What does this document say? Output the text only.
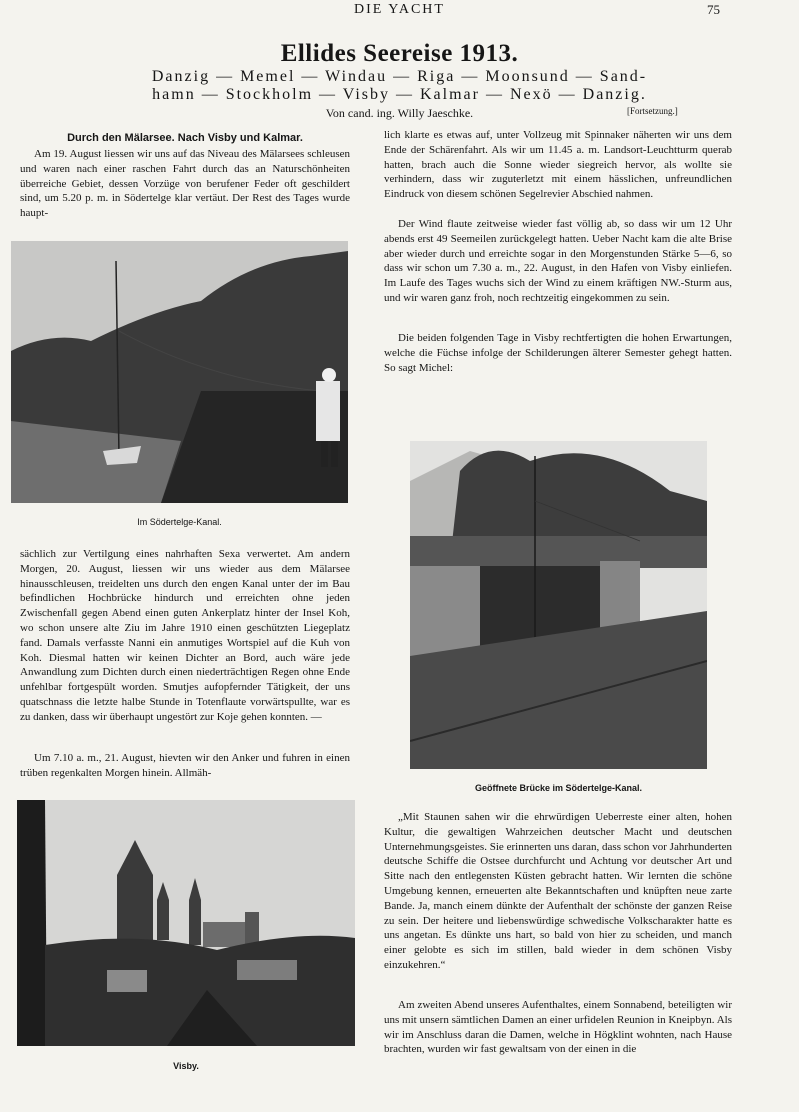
DIE YACHT	75
Ellides Seereise 1913.
Danzig — Memel — Windau — Riga — Moonsund — Sand-
hamn — Stockholm — Visby — Kalmar — Nexö — Danzig.
Von cand. ing. Willy Jaeschke.	[Fortsetzung.]
Durch den Mälarsee. Nach Visby und Kalmar.
Am 19. August liessen wir uns auf das Niveau des Mälarsees schleusen und waren nach einer raschen Fahrt durch das an Naturschönheiten überreiche Gebiet, dessen Vorzüge von berufener Feder oft geschildert sind, um 5.20 p. m. in Södertelge klar vertäut. Der Rest des Tages wurde haupt-
Im Södertelge-Kanal.
sächlich zur Vertilgung eines nahrhaften Sexa verwertet. Am andern Morgen, 20. August, liessen wir uns wieder aus dem Mälarsee hinausschleusen, treidelten uns durch den engen Kanal unter der im Bau befindlichen Hochbrücke hindurch und erreichten ohne jeden Zwischenfall gegen Abend einen guten Ankerplatz hinter der Insel Koh, wo schon unsere alte Ziu im Jahre 1910 einen geschützten Liegeplatz fand. Damals verfasste Nanni ein anmutiges Wortspiel auf die Kuh von Koh. Diesmal hatten wir keinen Dichter an Bord, auch wäre jede Anwandlung zum Dichten durch einen niederträchtigen Regen ohne Ende unfehlbar fortgespült worden. Smutjes aufopfernder Tätigkeit, der uns quatschnass die letzte halbe Stunde in Totenflaute vorwärtspullte, war es zu danken, dass wir überhaupt ungestört zur Koje gehen konnten. —
Um 7.10 a. m., 21. August, hievten wir den Anker und fuhren in einen trüben regenkalten Morgen hinein. Allmäh-
Visby.
lich klarte es etwas auf, unter Vollzeug mit Spinnaker näherten wir uns dem Ende der Schärenfahrt. Als wir um 11.45 a. m. Landsort-Leuchtturm querab hatten, brach auch die Sonne wieder siegreich hervor, als wollte sie verhindern, dass wir zuguterletzt mit einem hässlichen, unfreundlichen Eindruck von diesem schönen Segelrevier Abschied nahmen.
Der Wind flaute zeitweise wieder fast völlig ab, so dass wir um 12 Uhr abends erst 49 Seemeilen zurückgelegt hatten. Ueber Nacht kam die alte Brise aber wieder durch und erreichte sogar in den Morgenstunden Stärke 5—6, so dass wir schon um 7.30 a. m., 22. August, in den Hafen von Visby einliefen. Im Laufe des Tages wuchs sich der Wind zu einem kräftigen NW.-Sturm aus, und wir waren ganz froh, noch rechtzeitig eingekommen zu sein.
Die beiden folgenden Tage in Visby rechtfertigten die hohen Erwartungen, welche die Füchse infolge der Schilderungen älterer Semester gehegt hatten. So sagt Michel:
Geöffnete Brücke im Södertelge-Kanal.
„Mit Staunen sahen wir die ehrwürdigen Ueberreste einer alten, hohen Kultur, die gewaltigen Wahrzeichen deutscher Macht und deutschen Unternehmungsgeistes. Sie erinnerten uns daran, dass schon vor Jahrhunderten deutsche Schiffe die Ostsee durchfurcht und Achtung vor deutscher Art und Sitte nach den entlegensten Küsten gebracht hatten. Wir lernten die schöne Umgebung kennen, erneuerten alte Bekanntschaften und knüpften neue zarte Bande. Ja, manch einem dünkte der Aufenthalt der schönste der ganzen Reise zu sein. Der heitere und liebenswürdige schwedische Volkscharakter hatte es uns angetan. Es dünkte uns hart, so bald von hier zu scheiden, und manch einer gelobte es sich im stillen, bald wieder in dem schönen Visby einzukehren.“
Am zweiten Abend unseres Aufenthaltes, einem Sonnabend, beteiligten wir uns mit unsern sämtlichen Damen an einer urfidelen Reunion in Kneipbyn. Als wir im Anschluss daran die Damen, welche in Högklint wohnten, nach Hause brachten, wurden wir fast gewaltsam von der einen in die
